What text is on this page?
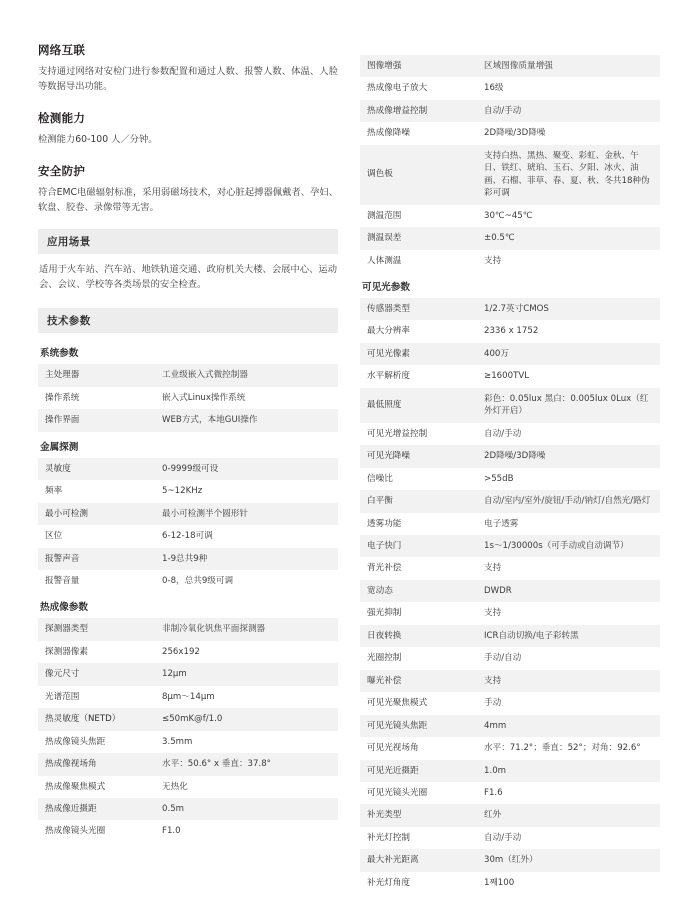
网络互联
支持通过网络对安检门进行参数配置和通过人数、报警人数、体温、人脸等数据导出功能。
检测能力
检测能力60-100 人／分钟。
安全防护
符合EMC电磁辐射标准，采用弱磁场技术，对心脏起搏器佩戴者、孕妇、软盘、胶卷、录像带等无害。
应用场景
适用于火车站、汽车站、地铁轨道交通、政府机关大楼、会展中心、运动会、会议、学校等各类场景的安全检查。
技术参数
系统参数
主处理器	工业级嵌入式微控制器
操作系统	嵌入式Linux操作系统
操作界面	WEB方式，本地GUI操作
金属探测
灵敏度	0-9999级可设
频率	5~12KHz
最小可检测	最小可检测半个圆形针
区位	6-12-18可调
报警声音	1-9总共9种
报警音量	0-8，总共9级可调
热成像参数
探测器类型	非制冷氧化钒焦平面探测器
探测器像素	256x192
像元尺寸	12μm
光谱范围	8μm～14μm
热灵敏度（NETD）	≤50mK@f/1.0
热成像镜头焦距	3.5mm
热成像视场角	水平：50.6° x 垂直：37.8°
热成像聚焦模式	无热化
热成像近摄距	0.5m
热成像镜头光圈	F1.0
图像增强	区域图像质量增强
热成像电子放大	16级
热成像增益控制	自动/手动
热成像降噪	2D降噪/3D降噪
调色板	支持白热、黑热、聚变、彩虹、金秋、午日、铁红、琥珀、玉石、夕阳、冰火、油画、石榴、菲草、春、夏、秋、冬共18种伪彩可调
测温范围	30℃~45℃
测温误差	±0.5℃
人体测温	支持
可见光参数
传感器类型	1/2.7英寸CMOS
最大分辨率	2336 x 1752
可见光像素	400万
水平解析度	≥1600TVL
最低照度	彩色：0.05lux 黑白：0.005lux 0Lux（红外灯开启）
可见光增益控制	自动/手动
可见光降噪	2D降噪/3D降噪
信噪比	>55dB
白平衡	自动/室内/室外/旋钮/手动/钠灯/自然光/路灯
透雾功能	电子透雾
电子快门	1s～1/30000s（可手动或自动调节）
背光补偿	支持
宽动态	DWDR
强光抑制	支持
日夜转换	ICR自动切换/电子彩转黑
光圈控制	手动/自动
曝光补偿	支持
可见光聚焦模式	手动
可见光镜头焦距	4mm
可见光视场角	水平：71.2°；垂直：52°；对角：92.6°
可见光近摄距	1.0m
可见光镜头光圈	F1.6
补光类型	红外
补光灯控制	自动/手动
最大补光距离	30m（红外）
补光灯角度	1째100
